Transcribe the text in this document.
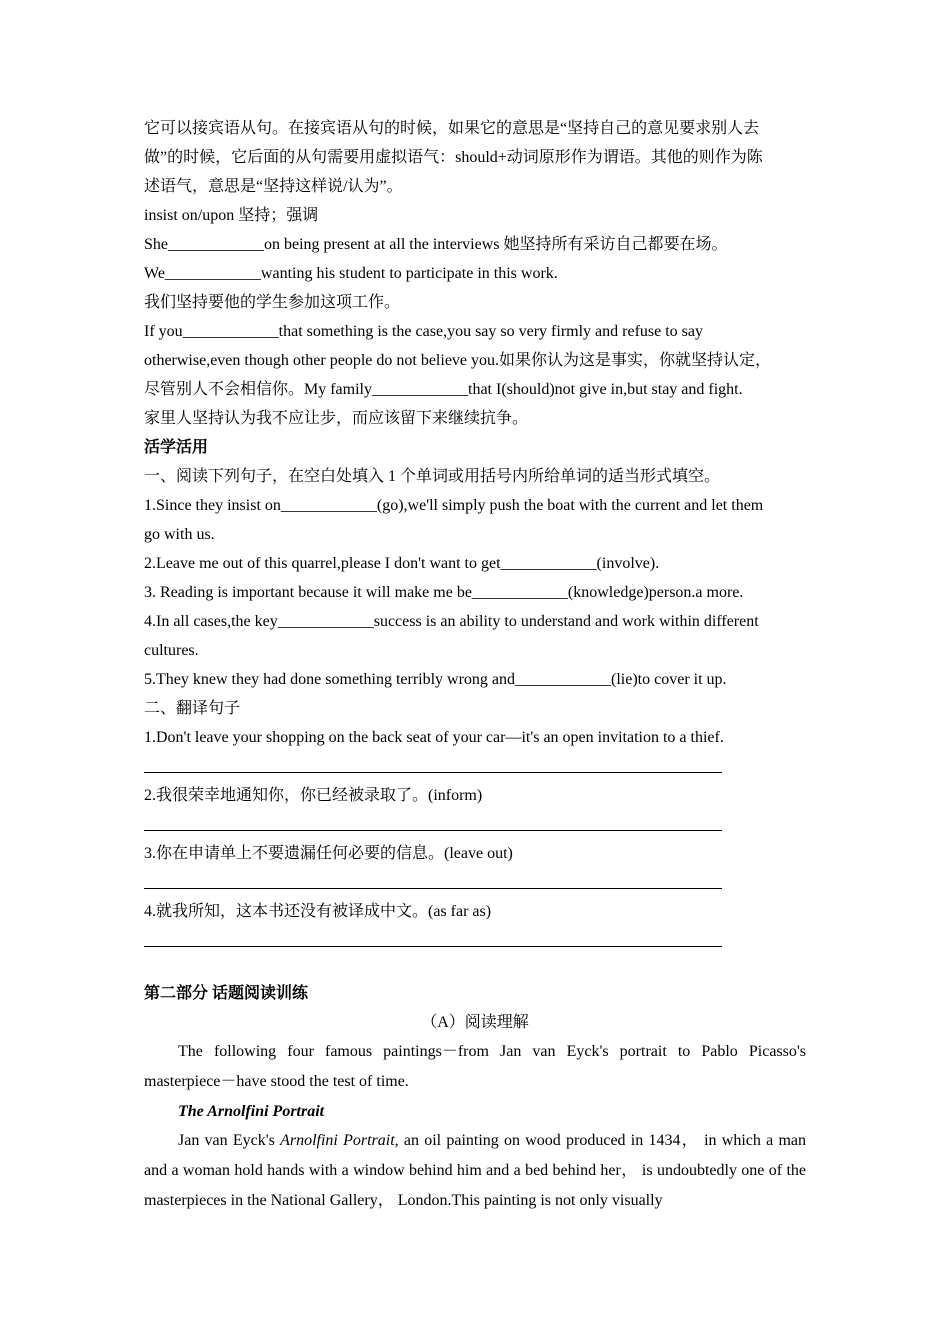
它可以接宾语从句。在接宾语从句的时候，如果它的意思是“坚持自己的意见要求别人去
做”的时候，它后面的从句需要用虚拟语气：should+动词原形作为谓语。其他的则作为陈
述语气，意思是“坚持这样说/认为”。
insist on/upon 坚持；强调
She____________on being present at all the interviews 她坚持所有采访自己都要在场。
We____________wanting his student to participate in this work.
我们坚持要他的学生参加这项工作。
If you____________that something is the case,you say so very firmly and refuse to say
otherwise,even though other people do not believe you.如果你认为这是事实，你就坚持认定，
尽管别人不会相信你。My family____________that I(should)not give in,but stay and fight.
家里人坚持认为我不应让步，而应该留下来继续抗争。
活学活用
一、阅读下列句子，在空白处填入 1 个单词或用括号内所给单词的适当形式填空。
1.Since they insist on____________(go),we'll simply push the boat with the current and let them
go with us.
2.Leave me out of this quarrel,please I don't want to get____________(involve).
3. Reading is important because it will make me be____________(knowledge)person.a more.
4.In all cases,the key____________success is an ability to understand and work within different
cultures.
5.They knew they had done something terribly wrong and____________(lie)to cover it up.
二、翻译句子
1.Don't leave your shopping on the back seat of your car—it's an open invitation to a thief.
2.我很荣幸地通知你，你已经被录取了。(inform)
3.你在申请单上不要遗漏任何必要的信息。(leave out)
4.就我所知，这本书还没有被译成中文。(as far as)
第二部分 话题阅读训练
（A）阅读理解
The following four famous paintings－from Jan van Eyck's portrait to Pablo Picasso's masterpiece－have stood the test of time.
The Arnolfini Portrait
Jan van Eyck's Arnolfini Portrait, an oil painting on wood produced in 1434， in which a man and a woman hold hands with a window behind him and a bed behind her， is undoubtedly one of the masterpieces in the National Gallery， London.This painting is not only visually
